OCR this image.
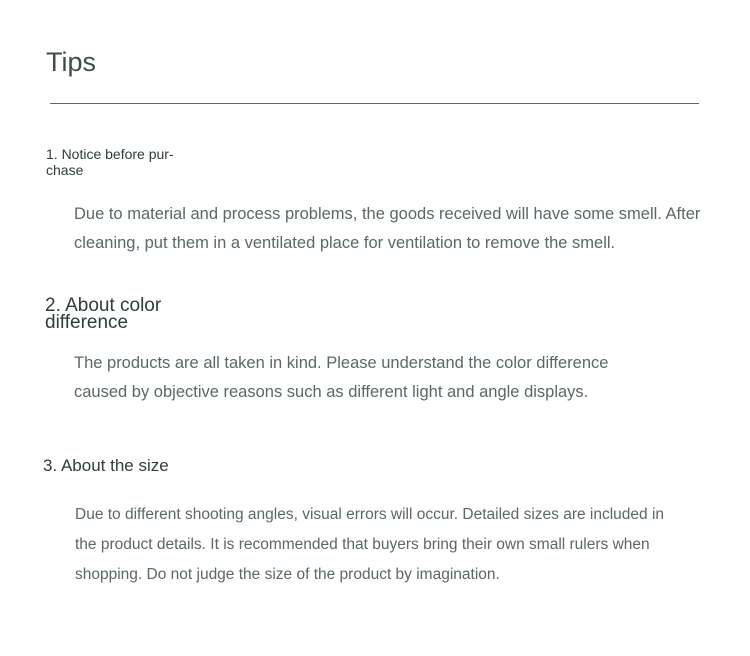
Tips
1. Notice before pur-chase

Due to material and process problems, the goods received will have some smell. After cleaning, put them in a ventilated place for ventilation to remove the smell.

2. About color difference

The products are all taken in kind. Please understand the color difference caused by objective reasons such as different light and angle displays.

3. About the size

Due to different shooting angles, visual errors will occur. Detailed sizes are included in the product details. It is recommended that buyers bring their own small rulers when shopping. Do not judge the size of the product by imagination.
